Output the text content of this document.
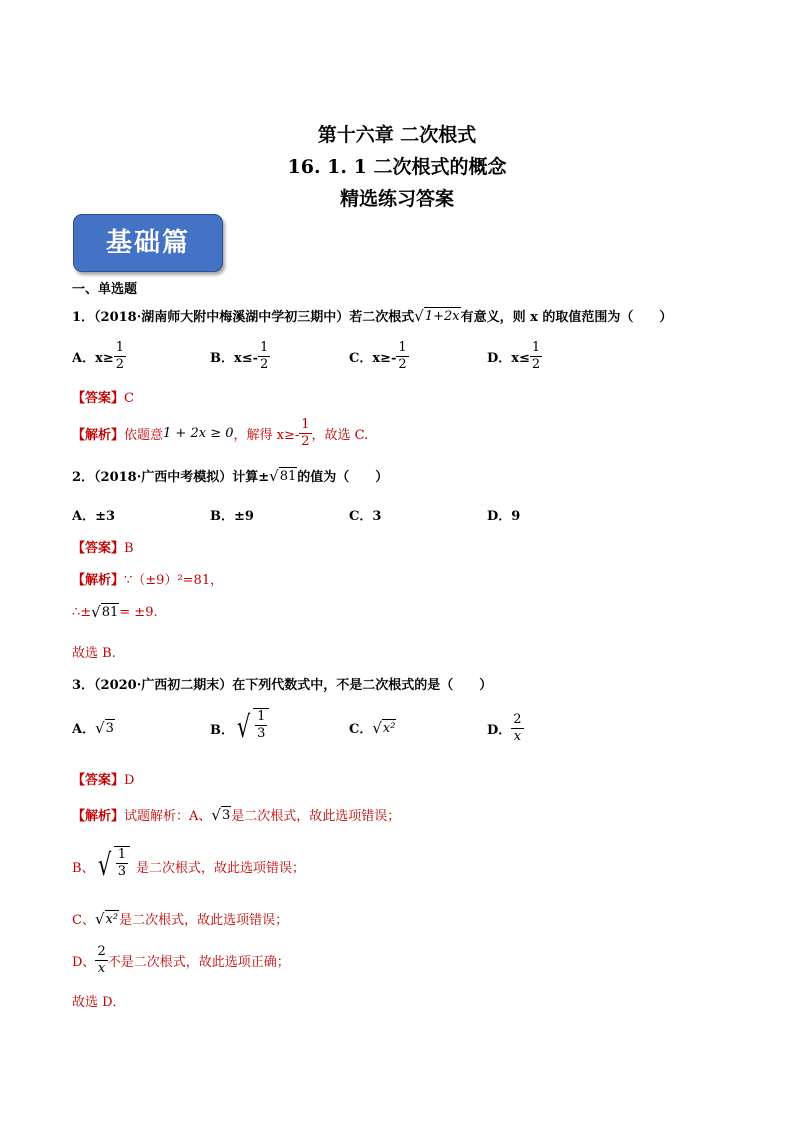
第十六章 二次根式
16. 1. 1 二次根式的概念
精选练习答案
基础篇
一、单选题
1．（2018·湖南师大附中梅溪湖中学初三期中）若二次根式 √ 1+2x 有意义，则 x 的取值范围为（　　）
A．$x\ge \frac{1}{2}$	B．$x\le- \frac{1}{2}$	C．$x\ge- \frac{1}{2}$	D．$x\le \frac{1}{2}$
【答案】C
【解析】 依题意 1 + 2x ≥ 0 ，解得 $x\ge- \frac{1}{2}$ ，故选 C.
2．（2018·广西中考模拟）计算± √ 81 的值为（　　）
A．±3	B．±9	C．3	D．9
【答案】B
【解析】∵（±9）²=81，
∴± √ 81 = ±9.
故选 B.
3．（2020·广西初二期末）在下列代数式中，不是二次根式的是（　　）
A． √ 3	B． √ $\frac{1}{3}$	C． √ x²	D． $\frac{2}{x}$
【答案】D
【解析】 试题解析：A、 √ 3 是二次根式，故此选项错误；
B、 √ $\frac{1}{3}$ 是二次根式，故此选项错误；
C、 √ x² 是二次根式，故此选项错误；
D、 $\frac{2}{x}$ 不是二次根式，故此选项正确；
故选 D．
